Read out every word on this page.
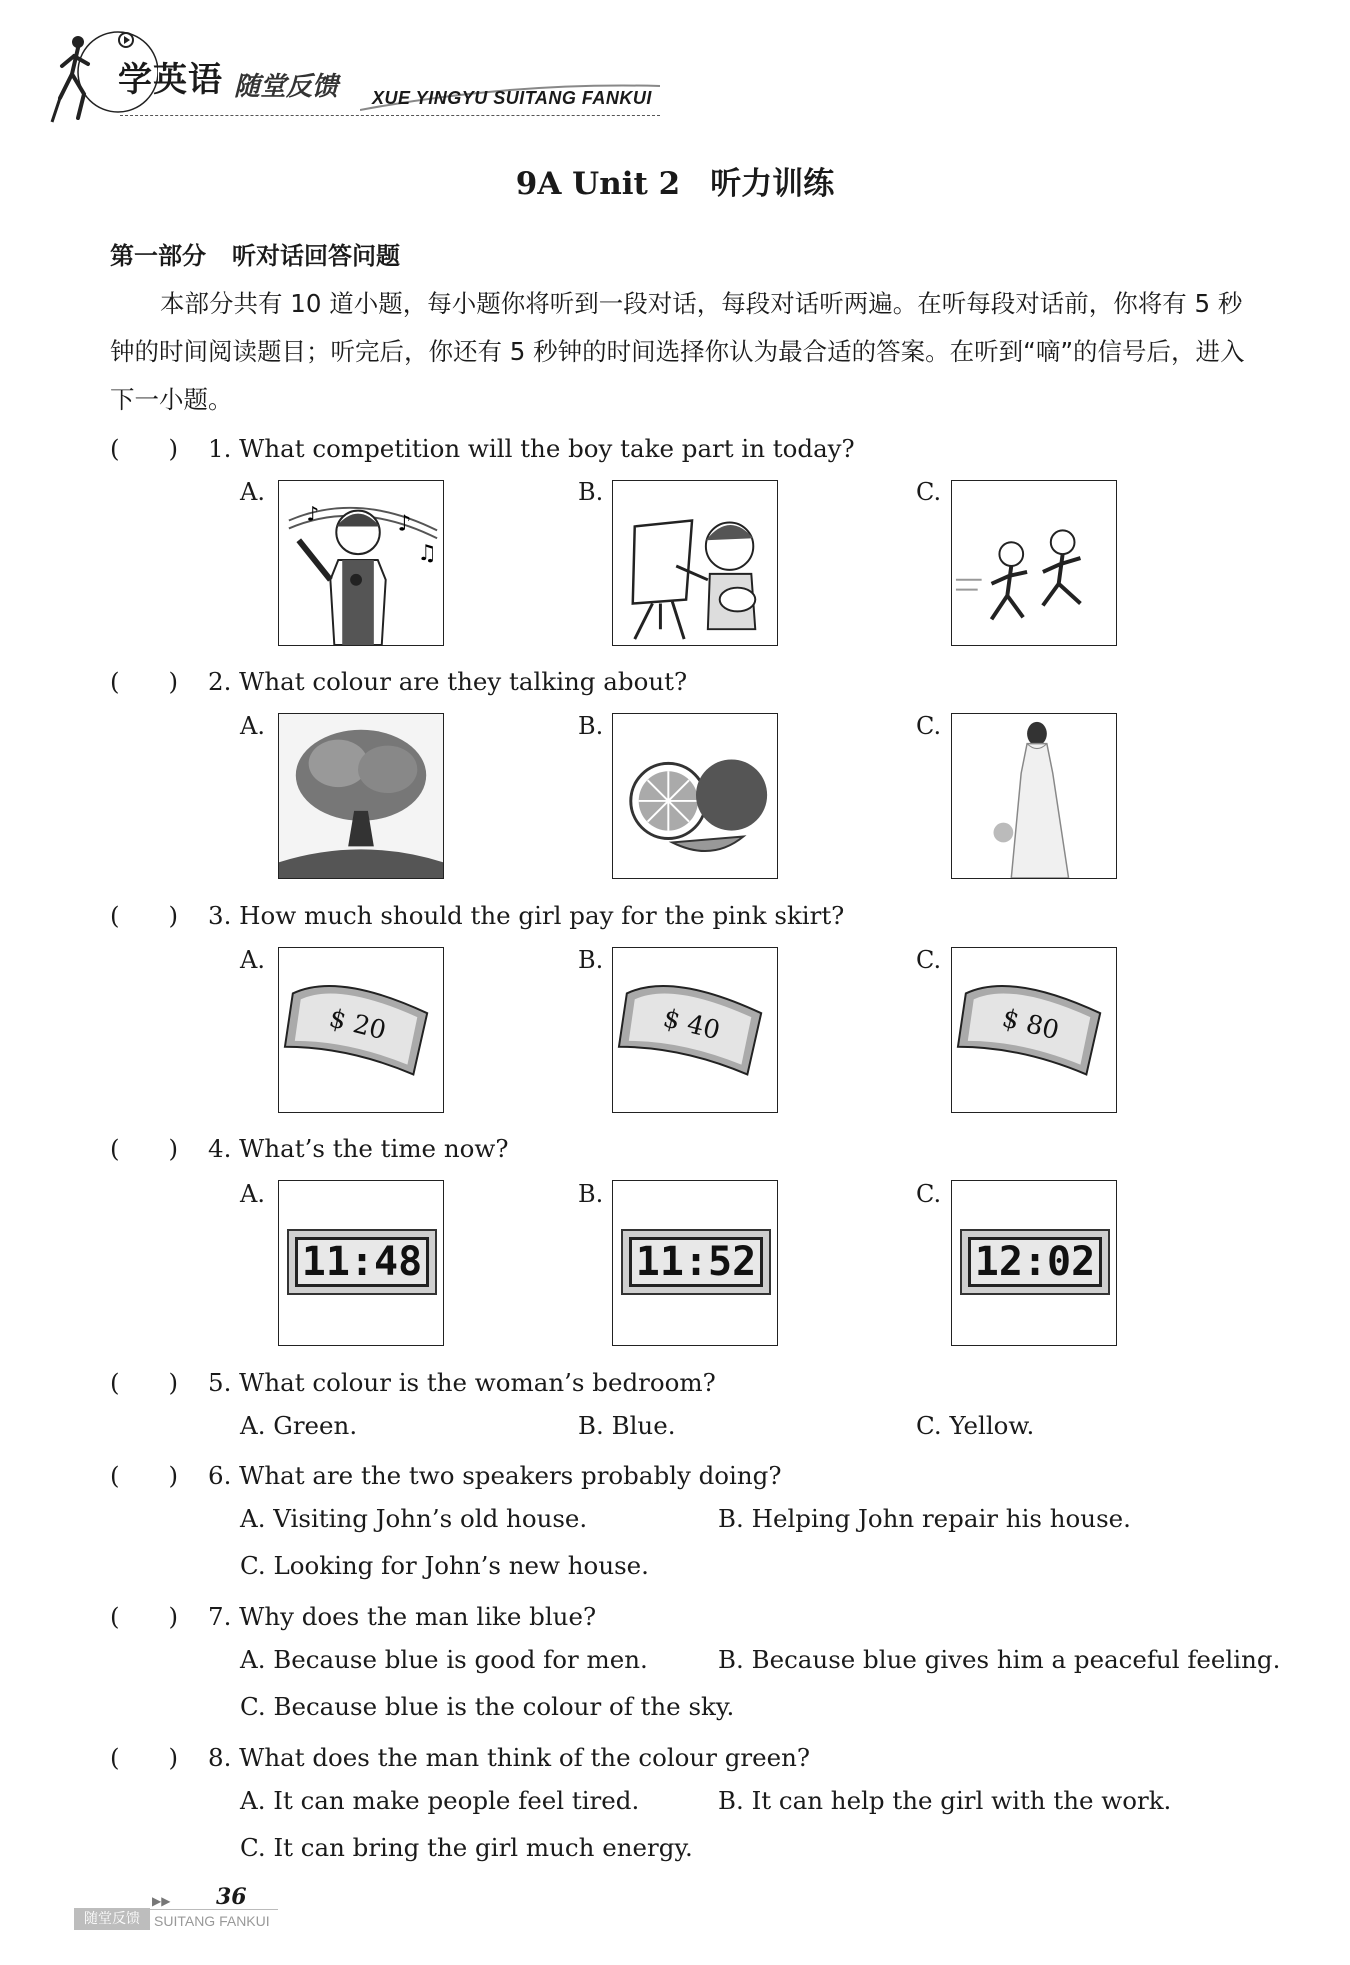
学英语 随堂反馈 XUE YINGYU SUITANG FANKUI
9A Unit 2 听力训练
第一部分 听对话回答问题
本部分共有 10 道小题，每小题你将听到一段对话，每段对话听两遍。在听每段对话前，你将有 5 秒钟的时间阅读题目；听完后，你还有 5 秒钟的时间选择你认为最合适的答案。在听到“嘀”的信号后，进入下一小题。
(　　) 1. What competition will the boy take part in today?
A.	B.	C.
♪
♫
♪
(　　) 2. What colour are they talking about?
A.	B.	C.
(　　) 3. How much should the girl pay for the pink skirt?
A.	B.	C.
$ 20	$ 40	$ 80
(　　) 4. What’s the time now?
A.	B.	C.
11:48	11:52	12:02
(　　) 5. What colour is the woman’s bedroom?
A. Green.	B. Blue.	C. Yellow.
(　　) 6. What are the two speakers probably doing?
A. Visiting John’s old house.	B. Helping John repair his house.
C. Looking for John’s new house.
(　　) 7. Why does the man like blue?
A. Because blue is good for men.	B. Because blue gives him a peaceful feeling.
C. Because blue is the colour of the sky.
(　　) 8. What does the man think of the colour green?
A. It can make people feel tired.	B. It can help the girl with the work.
C. It can bring the girl much energy.
▶▶ 36
随堂反馈	SUITANG FANKUI
